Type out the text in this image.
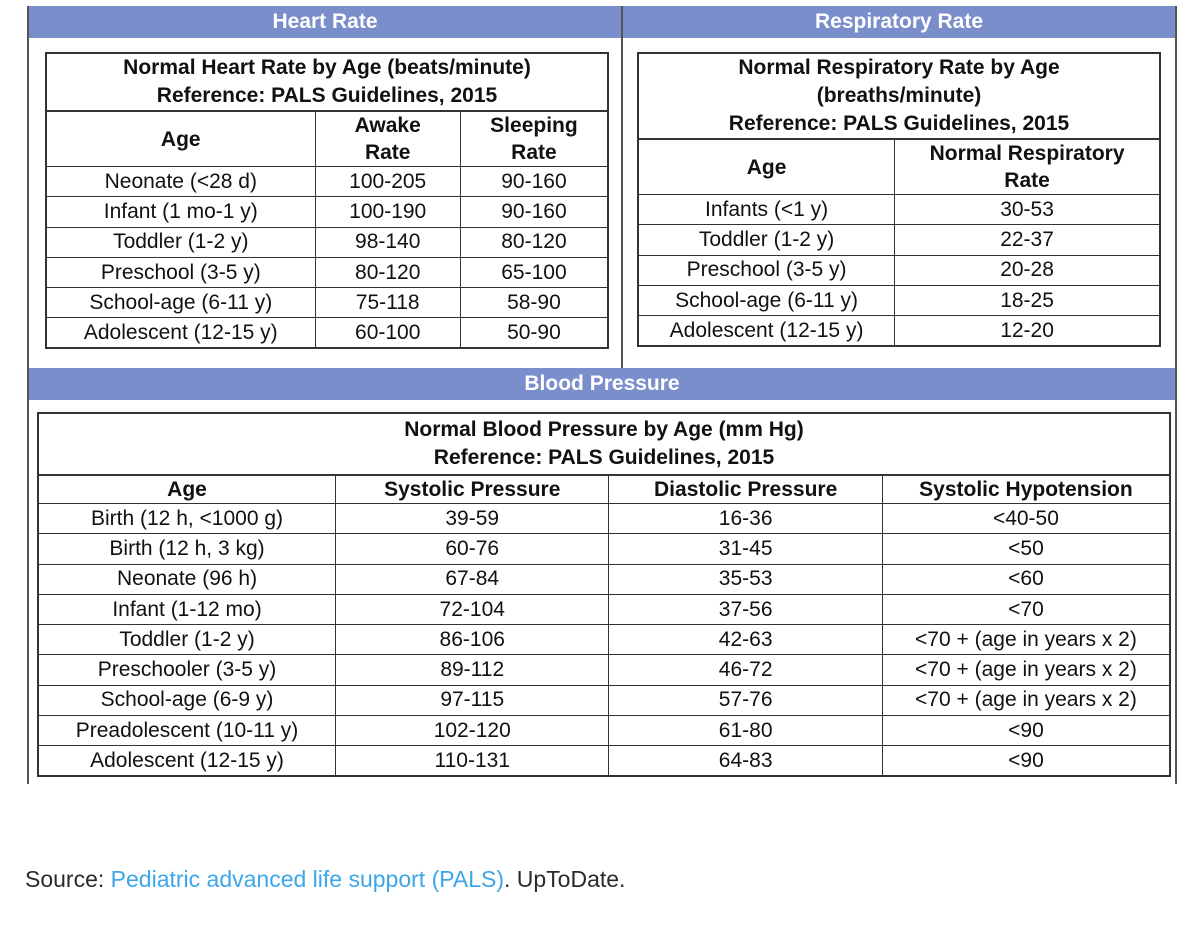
Heart Rate	Respiratory Rate
Blood Pressure
Normal Heart Rate by Age (beats/minute)
Reference: PALS Guidelines, 2015		

Age	Awake Rate	Sleeping Rate

Neonate (<28 d)	100-205	90-160
Infant (1 mo-1 y)	100-190	90-160
Toddler (1-2 y)	98-140	80-120
Preschool (3-5 y)	80-120	65-100
School-age (6-11 y)	75-118	58-90
Adolescent (12-15 y)	60-100	50-90
Normal Respiratory Rate by Age
(breaths/minute)
Reference: PALS Guidelines, 2015	

Age	Normal Respiratory Rate

Infants (<1 y)	30-53
Toddler (1-2 y)	22-37
Preschool (3-5 y)	20-28
School-age (6-11 y)	18-25
Adolescent (12-15 y)	12-20
Normal Blood Pressure by Age (mm Hg)
Reference: PALS Guidelines, 2015			

Age	Systolic Pressure	Diastolic Pressure	Systolic Hypotension
Birth (12 h, <1000 g)	39-59	16-36	<40-50
Birth (12 h, 3 kg)	60-76	31-45	<50
Neonate (96 h)	67-84	35-53	<60
Infant (1-12 mo)	72-104	37-56	<70
Toddler (1-2 y)	86-106	42-63	<70 + (age in years x 2)
Preschooler (3-5 y)	89-112	46-72	<70 + (age in years x 2)
School-age (6-9 y)	97-115	57-76	<70 + (age in years x 2)
Preadolescent (10-11 y)	102-120	61-80	<90
Adolescent (12-15 y)	110-131	64-83	<90
Source: Pediatric advanced life support (PALS). UpToDate.
